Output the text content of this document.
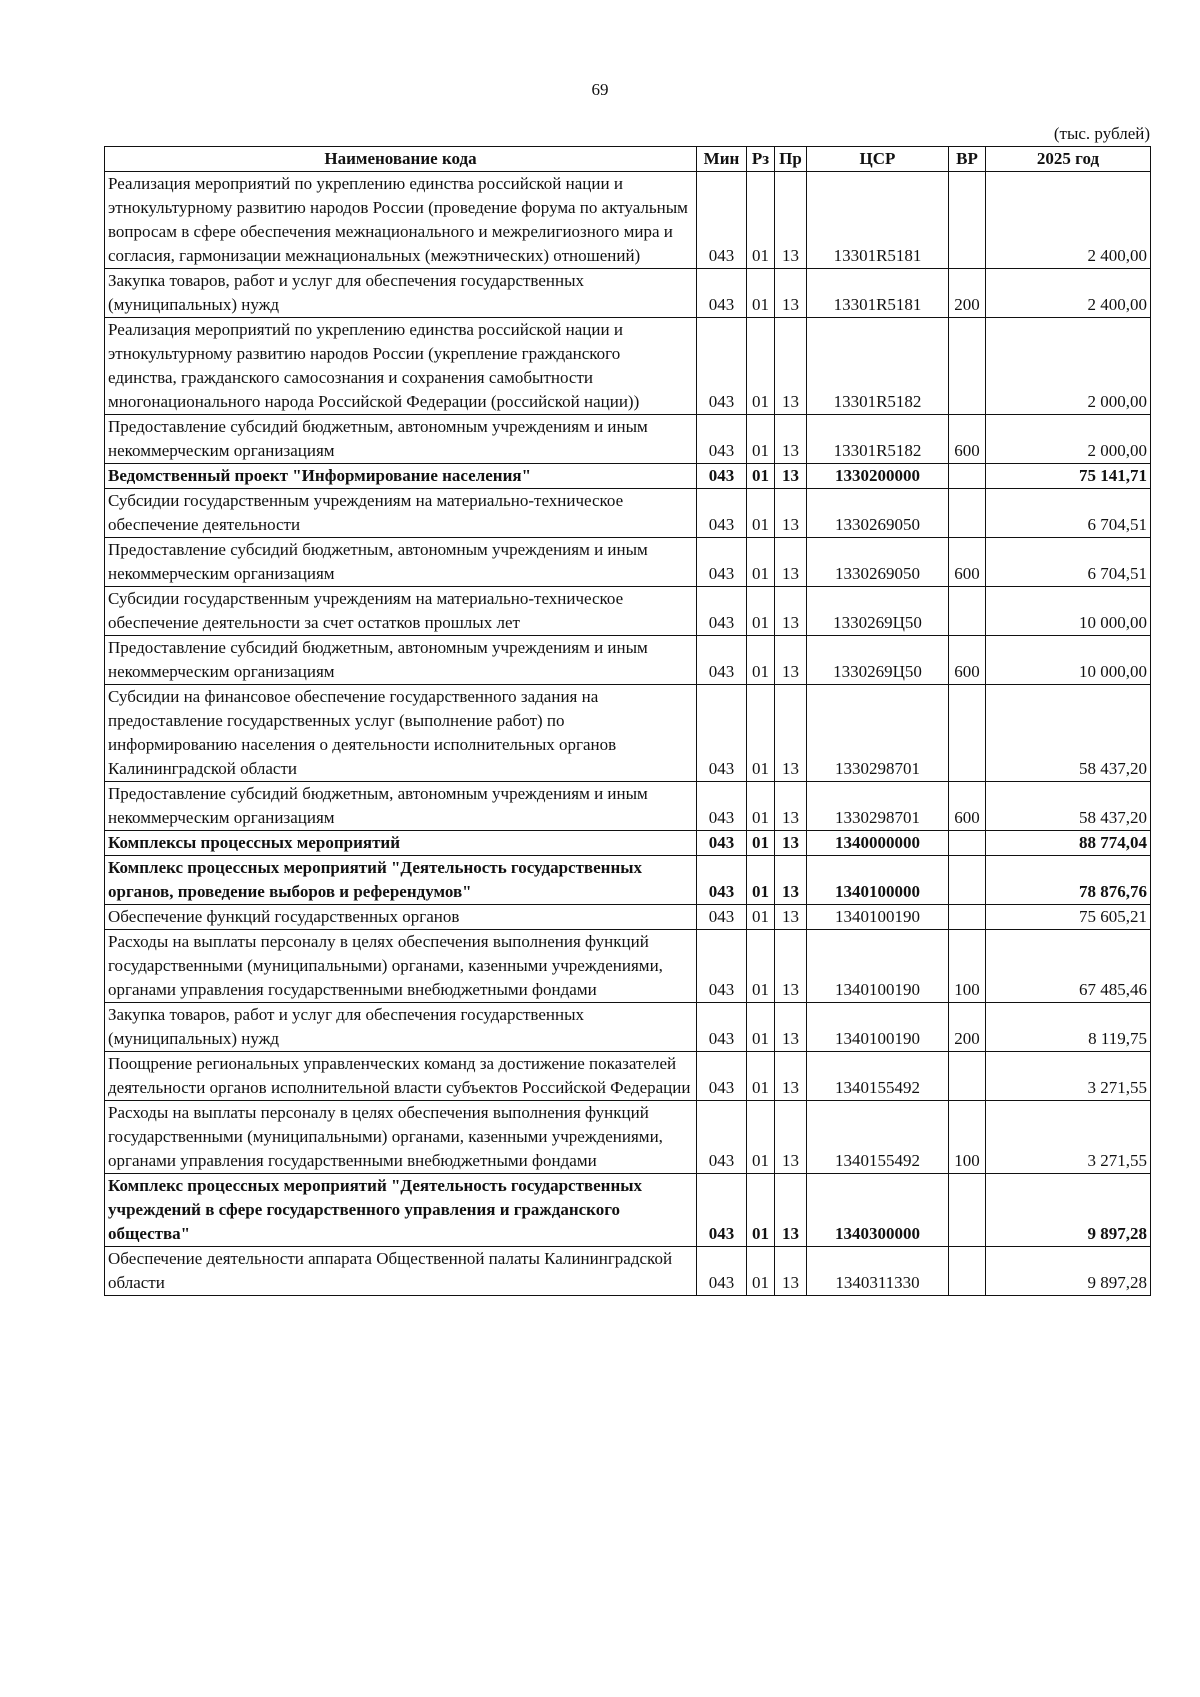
69
(тыс. рублей)
Наименование кода	Мин	Рз	Пр	ЦСР	ВР	2025 год
Реализация мероприятий по укреплению единства российской нации и этнокультурному развитию народов России (проведение форума по актуальным вопросам в сфере обеспечения межнационального и межрелигиозного мира и согласия, гармонизации межнациональных (межэтнических) отношений)	043	01	13	13301R5181		2 400,00
Закупка товаров, работ и услуг для обеспечения государственных (муниципальных) нужд	043	01	13	13301R5181	200	2 400,00
Реализация мероприятий по укреплению единства российской нации и этнокультурному развитию народов России (укрепление гражданского единства, гражданского самосознания и сохранения самобытности многонационального народа Российской Федерации (российской нации))	043	01	13	13301R5182		2 000,00
Предоставление субсидий бюджетным, автономным учреждениям и иным некоммерческим организациям	043	01	13	13301R5182	600	2 000,00
Ведомственный проект "Информирование населения"	043	01	13	1330200000		75 141,71
Субсидии государственным учреждениям на материально-техническое обеспечение деятельности	043	01	13	1330269050		6 704,51
Предоставление субсидий бюджетным, автономным учреждениям и иным некоммерческим организациям	043	01	13	1330269050	600	6 704,51
Субсидии государственным учреждениям на материально-техническое обеспечение деятельности за счет остатков прошлых лет	043	01	13	1330269Ц50		10 000,00
Предоставление субсидий бюджетным, автономным учреждениям и иным некоммерческим организациям	043	01	13	1330269Ц50	600	10 000,00
Субсидии на финансовое обеспечение государственного задания на предоставление государственных услуг (выполнение работ) по информированию населения о деятельности исполнительных органов Калининградской области	043	01	13	1330298701		58 437,20
Предоставление субсидий бюджетным, автономным учреждениям и иным некоммерческим организациям	043	01	13	1330298701	600	58 437,20
Комплексы процессных мероприятий	043	01	13	1340000000		88 774,04
Комплекс процессных мероприятий "Деятельность государственных органов, проведение выборов и референдумов"	043	01	13	1340100000		78 876,76
Обеспечение функций государственных органов	043	01	13	1340100190		75 605,21
Расходы на выплаты персоналу в целях обеспечения выполнения функций государственными (муниципальными) органами, казенными учреждениями, органами управления государственными внебюджетными фондами	043	01	13	1340100190	100	67 485,46
Закупка товаров, работ и услуг для обеспечения государственных (муниципальных) нужд	043	01	13	1340100190	200	8 119,75
Поощрение региональных управленческих команд за достижение показателей деятельности органов исполнительной власти субъектов Российской Федерации	043	01	13	1340155492		3 271,55
Расходы на выплаты персоналу в целях обеспечения выполнения функций государственными (муниципальными) органами, казенными учреждениями, органами управления государственными внебюджетными фондами	043	01	13	1340155492	100	3 271,55
Комплекс процессных мероприятий "Деятельность государственных учреждений в сфере государственного управления и гражданского общества"	043	01	13	1340300000		9 897,28
Обеспечение деятельности аппарата Общественной палаты Калининградской области	043	01	13	1340311330		9 897,28
